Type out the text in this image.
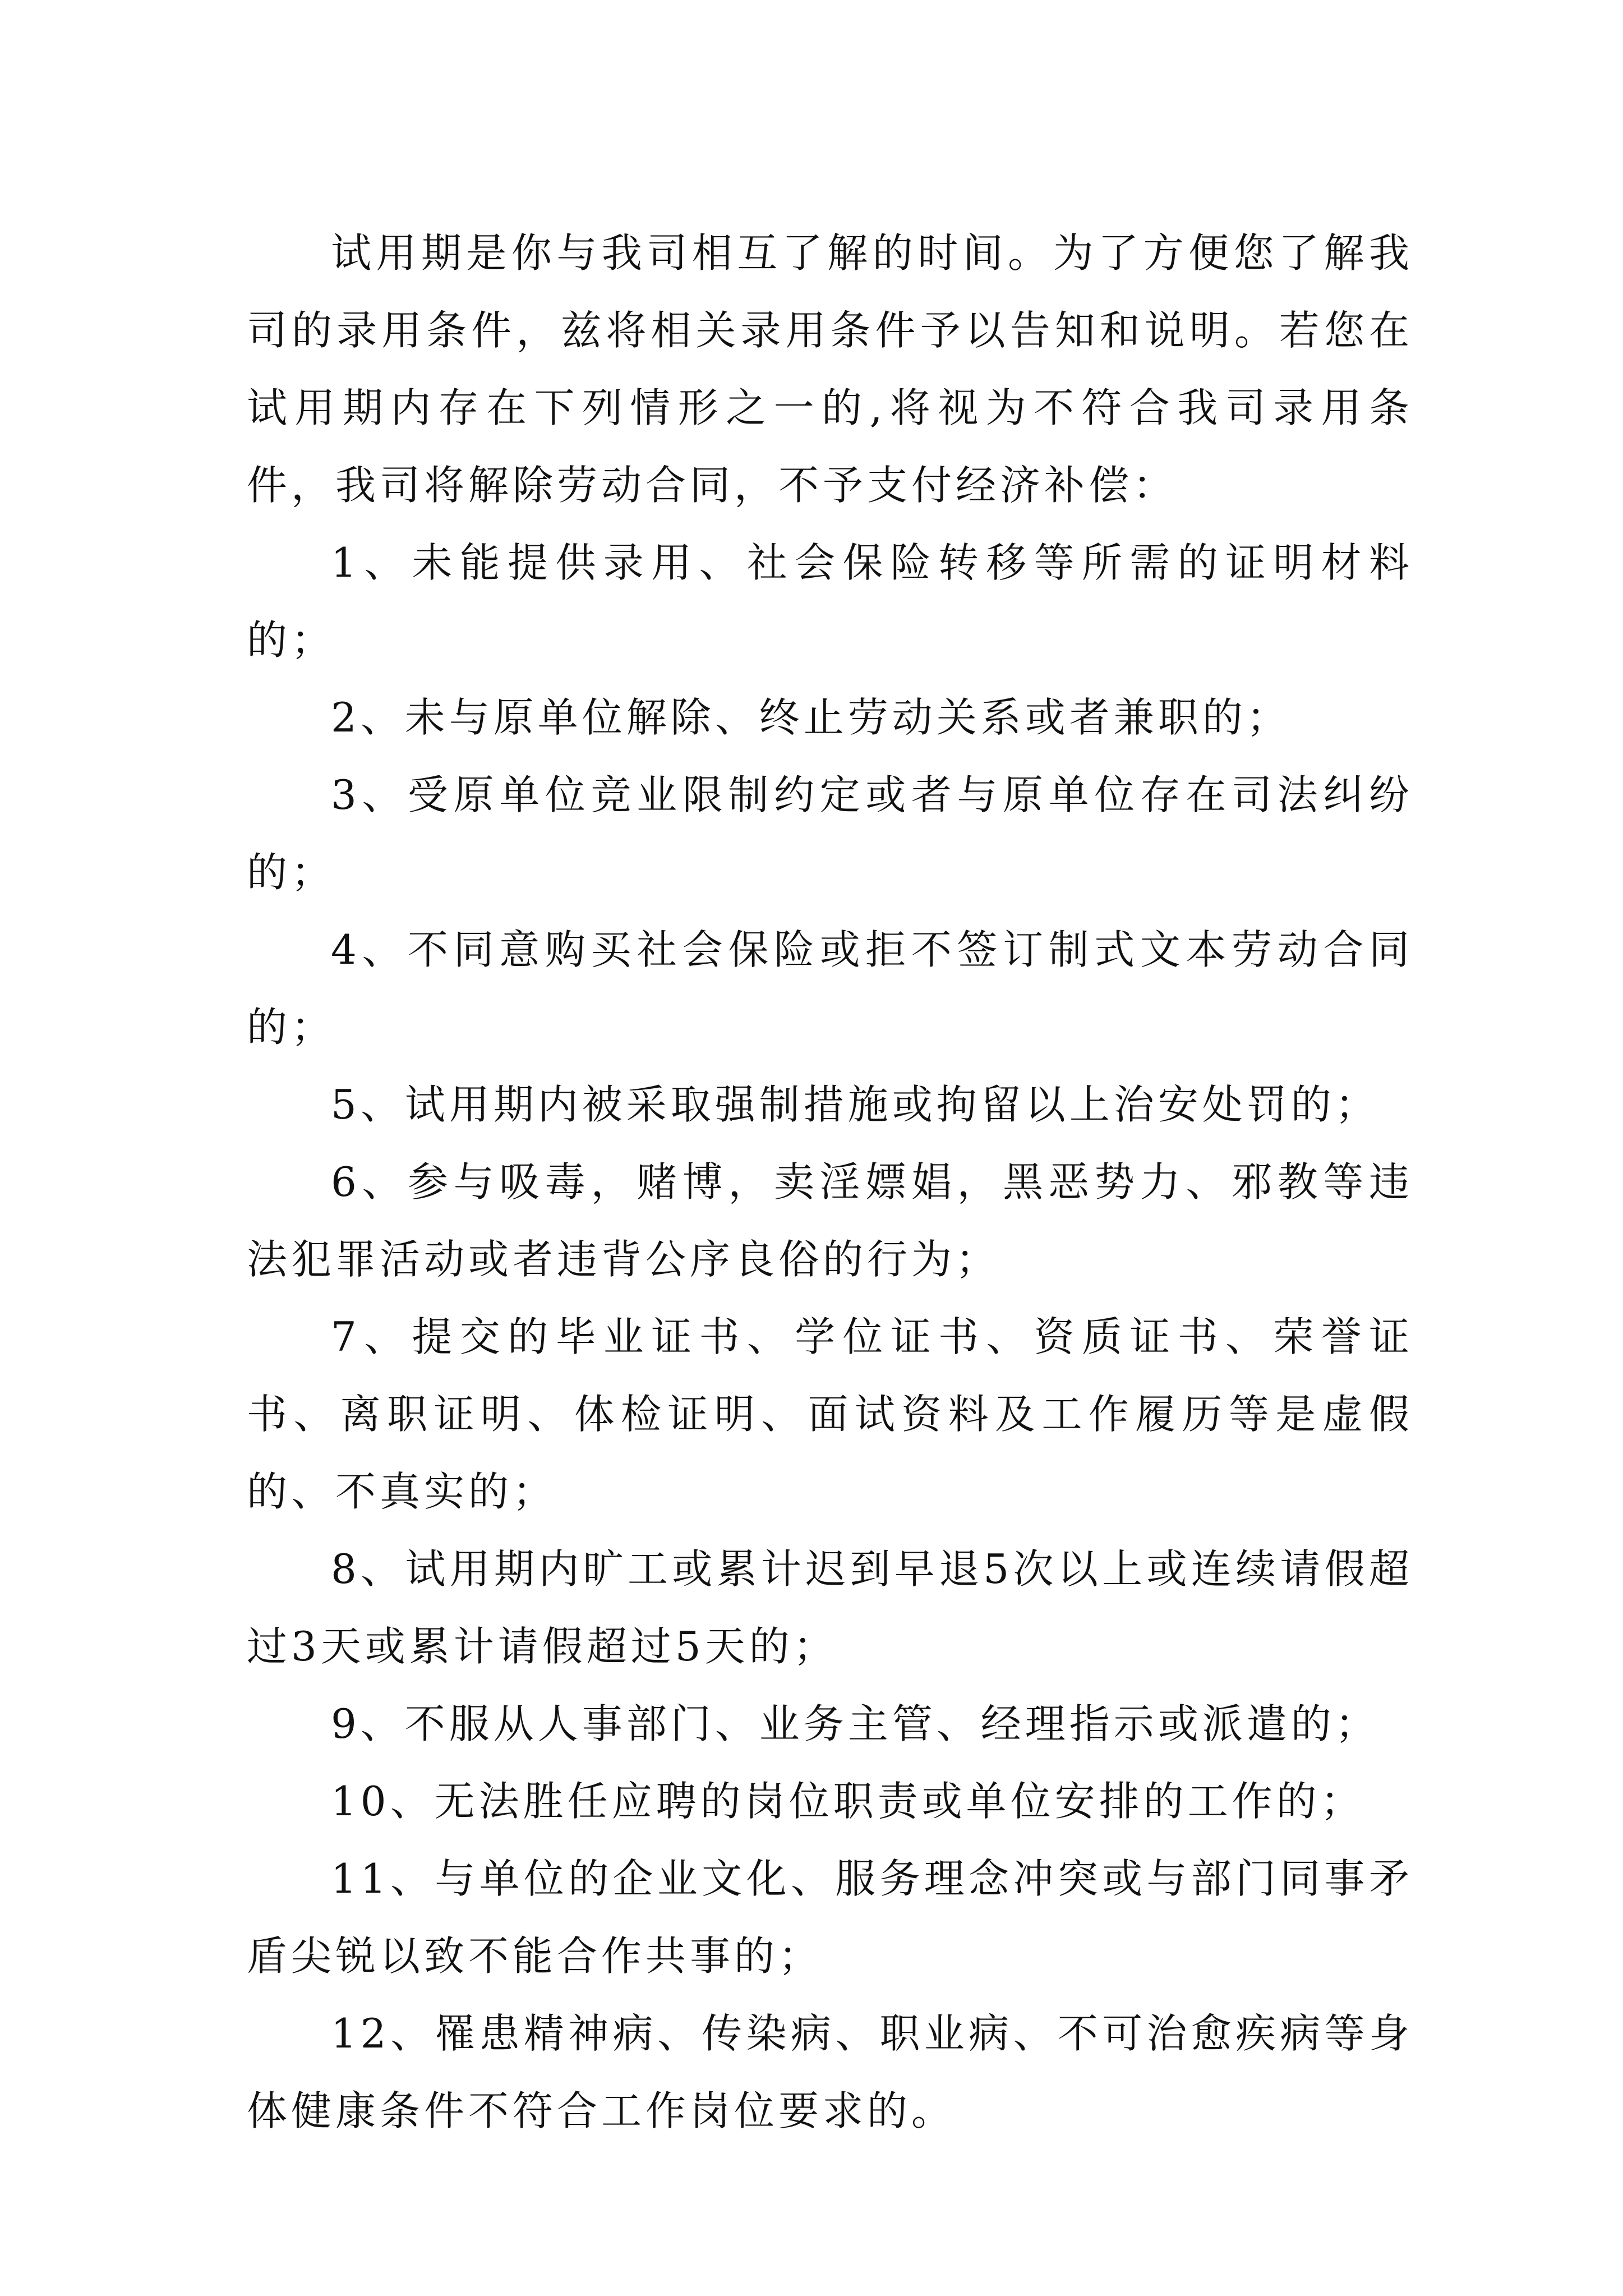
试用期是你与我司相互了解的时间。为了方便您了解我司的录用条件，兹将相关录用条件予以告知和说明。若您在试用期内存在下列情形之一的,将视为不符合我司录用条件，我司将解除劳动合同，不予支付经济补偿：

1、未能提供录用、社会保险转移等所需的证明材料的；

2、未与原单位解除、终止劳动关系或者兼职的；

3、受原单位竞业限制约定或者与原单位存在司法纠纷的；

4、不同意购买社会保险或拒不签订制式文本劳动合同的；

5、试用期内被采取强制措施或拘留以上治安处罚的；

6、参与吸毒，赌博，卖淫嫖娼，黑恶势力、邪教等违法犯罪活动或者违背公序良俗的行为；

7、提交的毕业证书、学位证书、资质证书、荣誉证书、离职证明、体检证明、面试资料及工作履历等是虚假的、不真实的；

8、试用期内旷工或累计迟到早退5次以上或连续请假超过3天或累计请假超过5天的；

9、不服从人事部门、业务主管、经理指示或派遣的；

10、无法胜任应聘的岗位职责或单位安排的工作的；

11、与单位的企业文化、服务理念冲突或与部门同事矛盾尖锐以致不能合作共事的；

12、罹患精神病、传染病、职业病、不可治愈疾病等身体健康条件不符合工作岗位要求的。
